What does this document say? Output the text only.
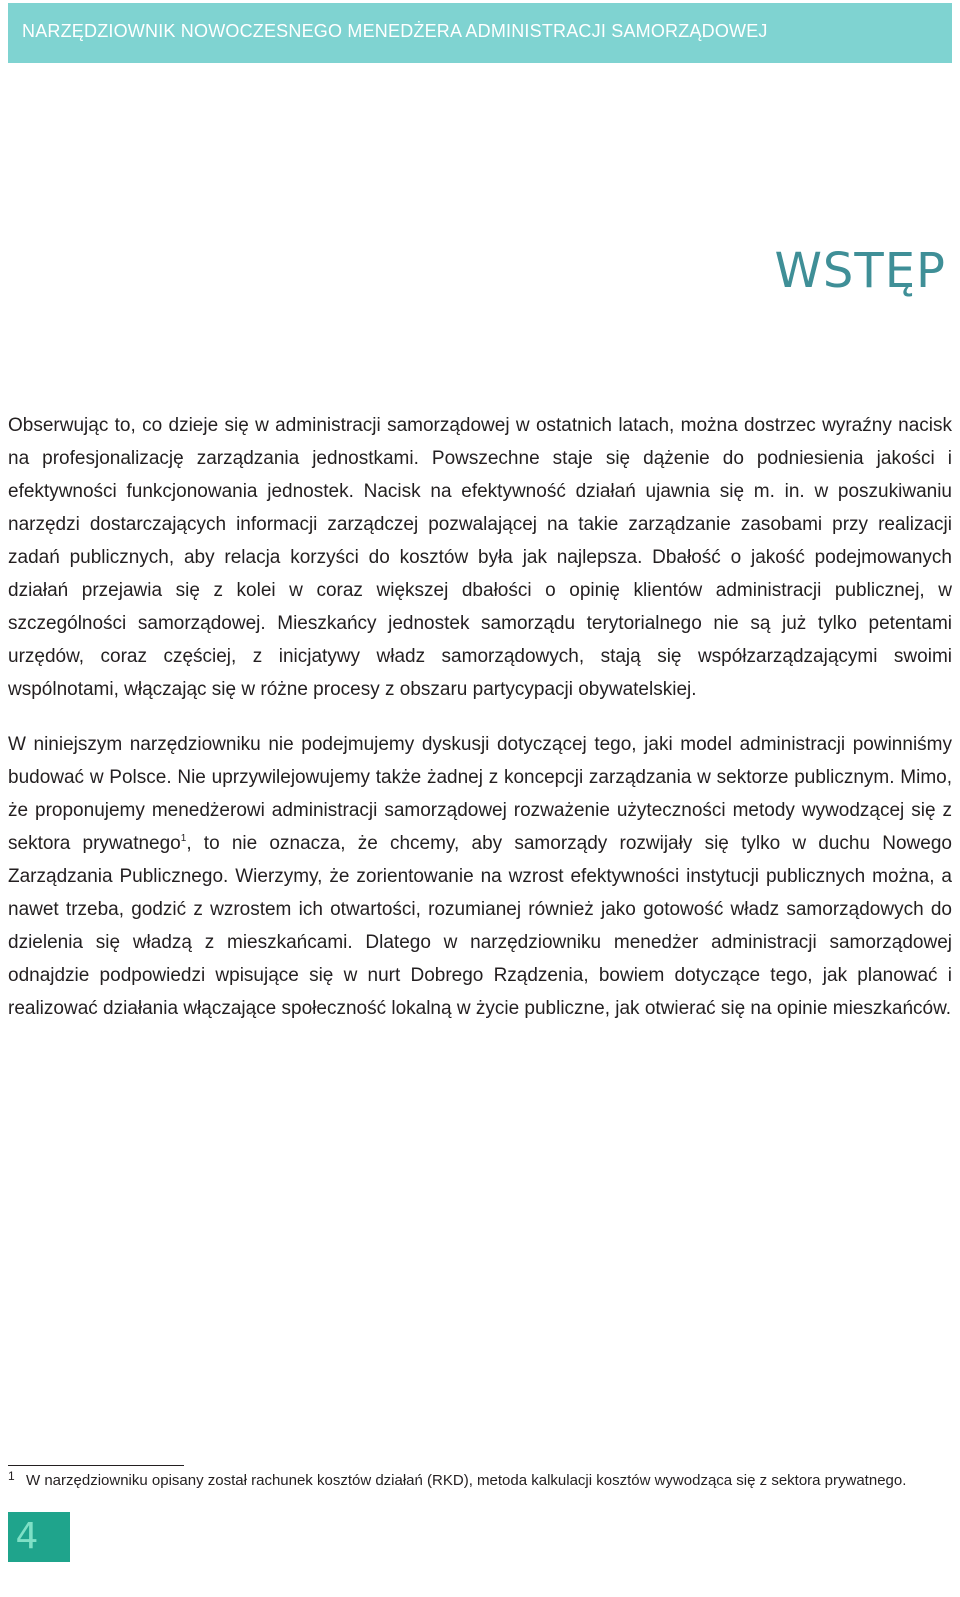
NARZĘDZIOWNIK NOWOCZESNEGO MENEDŻERA ADMINISTRACJI SAMORZĄDOWEJ
WSTĘP

Obserwując to, co dzieje się w administracji samorządowej w ostatnich latach, można dostrzec wyraźny nacisk na profesjonalizację zarządzania jednostkami. Powszechne staje się dążenie do podniesienia jakości i efektywności funkcjonowania jednostek. Nacisk na efektywność działań ujawnia się m. in. w poszukiwaniu narzędzi dostarczających informacji zarządczej pozwalającej na takie zarządzanie zasobami przy realizacji zadań publicznych, aby relacja korzyści do kosztów była jak najlepsza. Dbałość o jakość podejmowanych działań przejawia się z kolei w coraz większej dbałości o opinię klientów administracji publicznej, w szczególności samorządowej. Mieszkańcy jednostek samorządu terytorialnego nie są już tylko petentami urzędów, coraz częściej, z inicjatywy władz samorządowych, stają się współzarządzającymi swoimi wspólnotami, włączając się w różne procesy z obszaru partycypacji obywatelskiej.

W niniejszym narzędziowniku nie podejmujemy dyskusji dotyczącej tego, jaki model administracji powinniśmy budować w Polsce. Nie uprzywilejowujemy także żadnej z koncepcji zarządzania w sektorze publicznym. Mimo, że proponujemy menedżerowi administracji samorządowej rozważenie użyteczności metody wywodzącej się z sektora prywatnego$^1$, to nie oznacza, że chcemy, aby samorządy rozwijały się tylko w duchu Nowego Zarządzania Publicznego. Wierzymy, że zorientowanie na wzrost efektywności instytucji publicznych można, a nawet trzeba, godzić z wzrostem ich otwartości, rozumianej również jako gotowość władz samorządowych do dzielenia się władzą z mieszkańcami. Dlatego w narzędziowniku menedżer administracji samorządowej odnajdzie podpowiedzi wpisujące się w nurt Dobrego Rządzenia, bowiem dotyczące tego, jak planować i realizować działania włączające społeczność lokalną w życie publiczne, jak otwierać się na opinie mieszkańców.

1 W narzędziowniku opisany został rachunek kosztów działań (RKD), metoda kalkulacji kosztów wywodząca się z sektora prywatnego.
4
